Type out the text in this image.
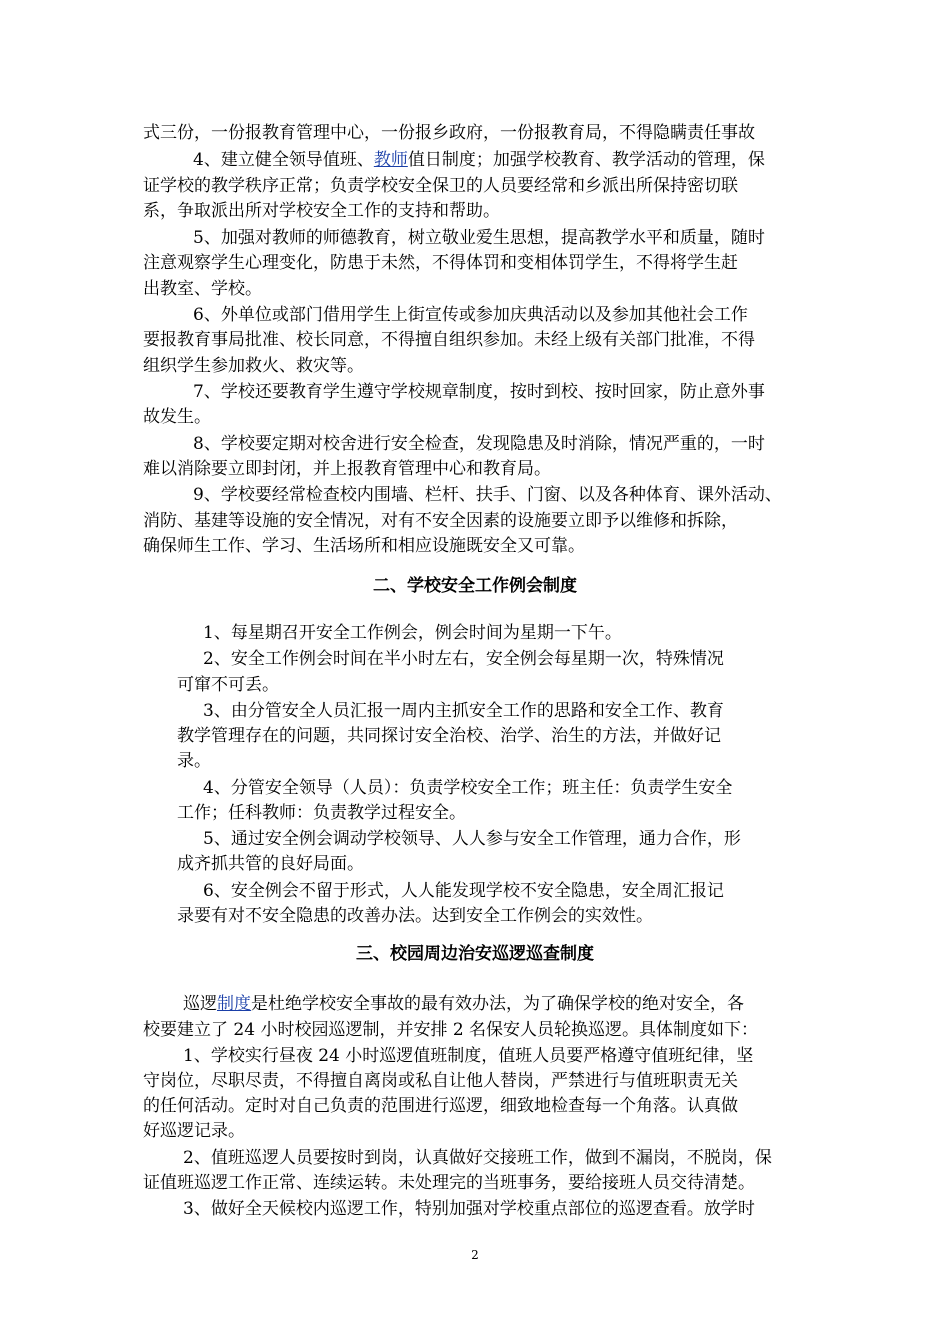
式三份，一份报教育管理中心，一份报乡政府，一份报教育局，不得隐瞒责任事故
4、建立健全领导值班、教师值日制度；加强学校教育、教学活动的管理，保
证学校的教学秩序正常；负责学校安全保卫的人员要经常和乡派出所保持密切联
系，争取派出所对学校安全工作的支持和帮助。
5、加强对教师的师德教育，树立敬业爱生思想，提高教学水平和质量，随时
注意观察学生心理变化，防患于未然，不得体罚和变相体罚学生，不得将学生赶
出教室、学校。
6、外单位或部门借用学生上街宣传或参加庆典活动以及参加其他社会工作
要报教育事局批准、校长同意，不得擅自组织参加。未经上级有关部门批准，不得
组织学生参加救火、救灾等。
7、学校还要教育学生遵守学校规章制度，按时到校、按时回家，防止意外事
故发生。
8、学校要定期对校舍进行安全检查，发现隐患及时消除，情况严重的，一时
难以消除要立即封闭，并上报教育管理中心和教育局。
9、学校要经常检查校内围墙、栏杆、扶手、门窗、以及各种体育、课外活动、
消防、基建等设施的安全情况，对有不安全因素的设施要立即予以维修和拆除，
确保师生工作、学习、生活场所和相应设施既安全又可靠。
二、学校安全工作例会制度
1、每星期召开安全工作例会，例会时间为星期一下午。
2、安全工作例会时间在半小时左右，安全例会每星期一次，特殊情况
可窜不可丢。
3、由分管安全人员汇报一周内主抓安全工作的思路和安全工作、教育
教学管理存在的问题，共同探讨安全治校、治学、治生的方法，并做好记
录。
4、分管安全领导（人员）：负责学校安全工作；班主任：负责学生安全
工作；任科教师：负责教学过程安全。
5、通过安全例会调动学校领导、人人参与安全工作管理，通力合作，形
成齐抓共管的良好局面。
6、安全例会不留于形式，人人能发现学校不安全隐患，安全周汇报记
录要有对不安全隐患的改善办法。达到安全工作例会的实效性。
三、校园周边治安巡逻巡查制度
巡逻制度是杜绝学校安全事故的最有效办法，为了确保学校的绝对安全，各
校要建立了 24 小时校园巡逻制，并安排 2 名保安人员轮换巡逻。具体制度如下：
1、学校实行昼夜 24 小时巡逻值班制度，值班人员要严格遵守值班纪律，坚
守岗位，尽职尽责，不得擅自离岗或私自让他人替岗，严禁进行与值班职责无关
的任何活动。定时对自己负责的范围进行巡逻，细致地检查每一个角落。认真做
好巡逻记录。
2、值班巡逻人员要按时到岗，认真做好交接班工作，做到不漏岗，不脱岗，保
证值班巡逻工作正常、连续运转。未处理完的当班事务，要给接班人员交待清楚。
3、做好全天候校内巡逻工作，特别加强对学校重点部位的巡逻查看。放学时
2
